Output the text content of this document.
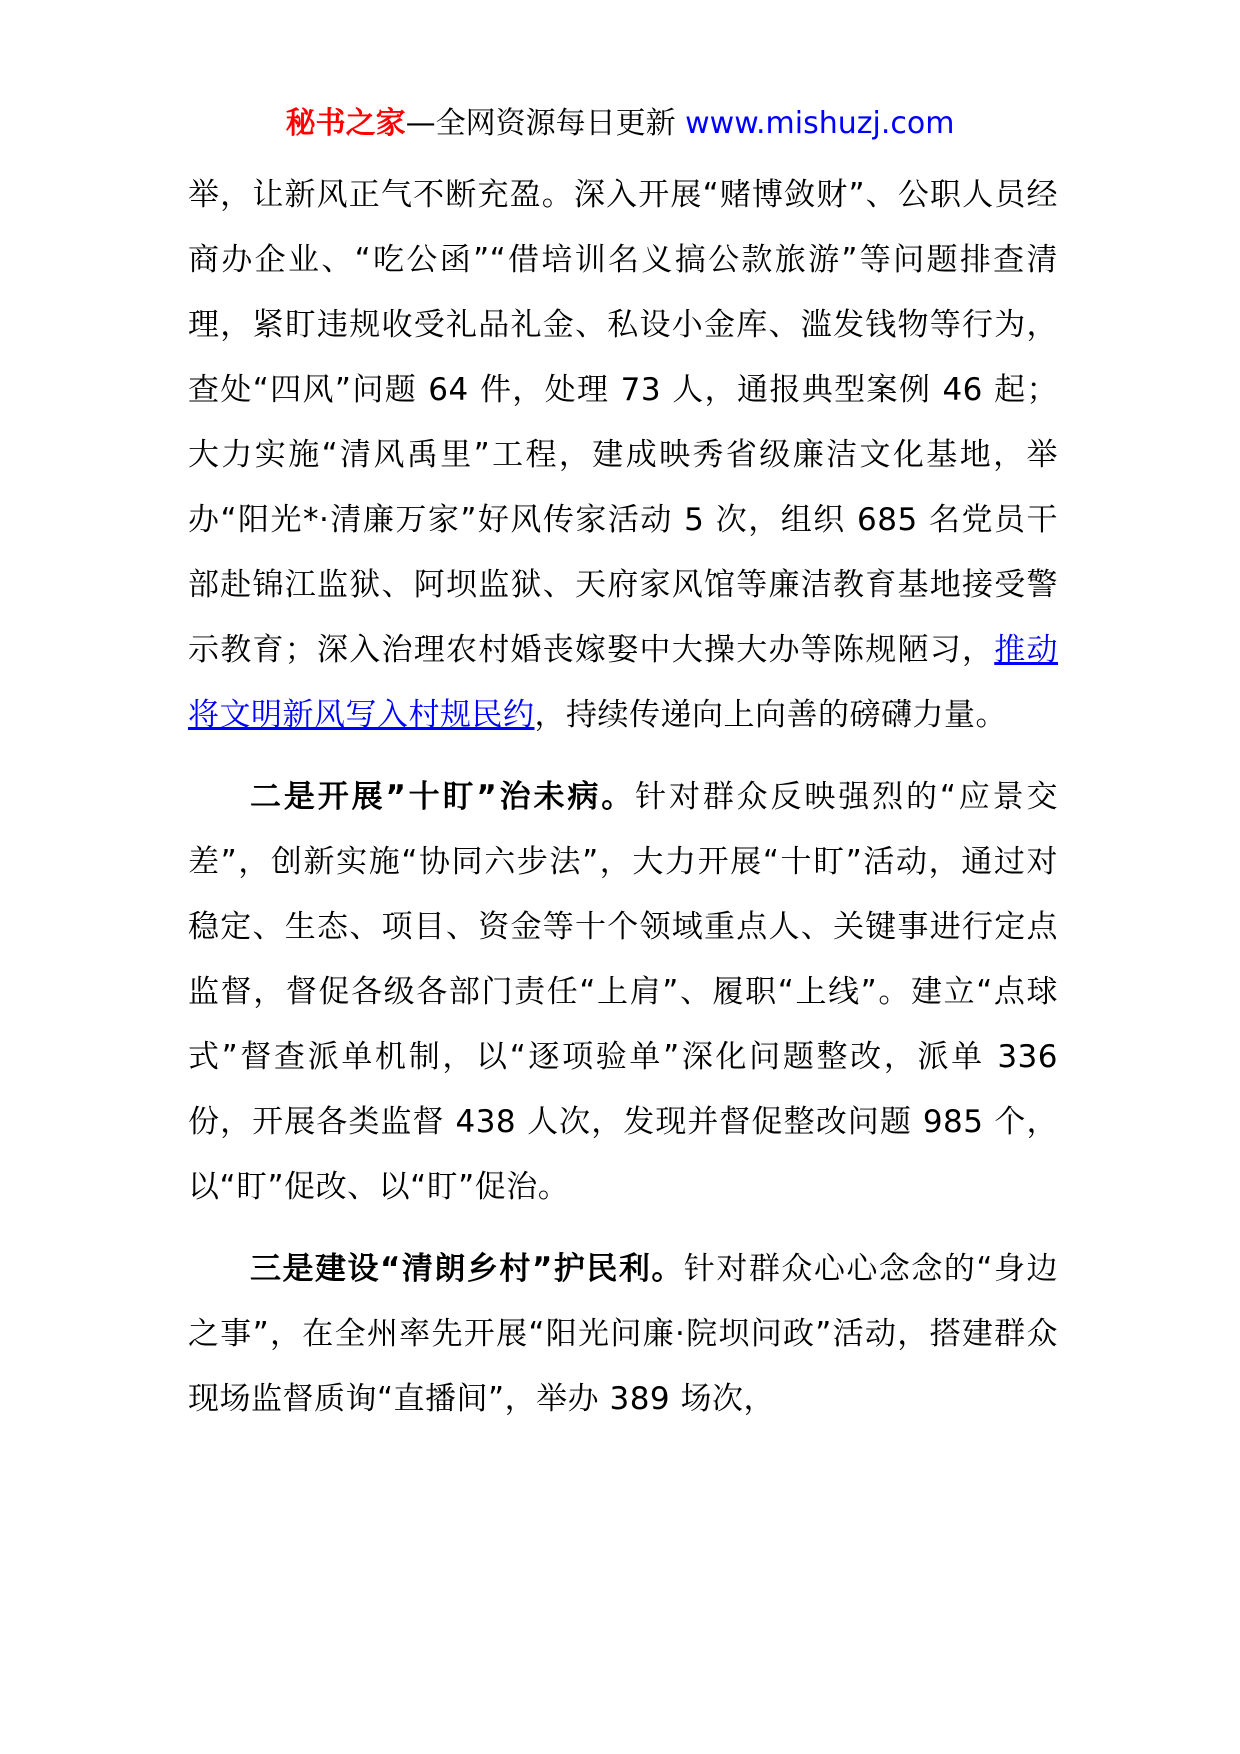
秘书之家—全网资源每日更新 www.mishuzj.com

举，让新风正气不断充盈。深入开展“赌博敛财”、公职人员经商办企业、“吃公函”“借培训名义搞公款旅游”等问题排查清理，紧盯违规收受礼品礼金、私设小金库、滥发钱物等行为，查处“四风”问题 64 件，处理 73 人，通报典型案例 46 起；大力实施“清风禹里”工程，建成映秀省级廉洁文化基地，举办“阳光*·清廉万家”好风传家活动 5 次，组织 685 名党员干部赴锦江监狱、阿坝监狱、天府家风馆等廉洁教育基地接受警示教育；深入治理农村婚丧嫁娶中大操大办等陈规陋习，推动将文明新风写入村规民约，持续传递向上向善的磅礴力量。

二是开展”十盯”治未病。针对群众反映强烈的“应景交差”，创新实施“协同六步法”，大力开展“十盯”活动，通过对稳定、生态、项目、资金等十个领域重点人、关键事进行定点监督，督促各级各部门责任“上肩”、履职“上线”。建立“点球式”督查派单机制，以“逐项验单”深化问题整改，派单 336 份，开展各类监督 438 人次，发现并督促整改问题 985 个，以“盯”促改、以“盯”促治。

三是建设“清朗乡村”护民利。针对群众心心念念的“身边之事”，在全州率先开展“阳光问廉·院坝问政”活动，搭建群众现场监督质询“直播间”，举办 389 场次，
